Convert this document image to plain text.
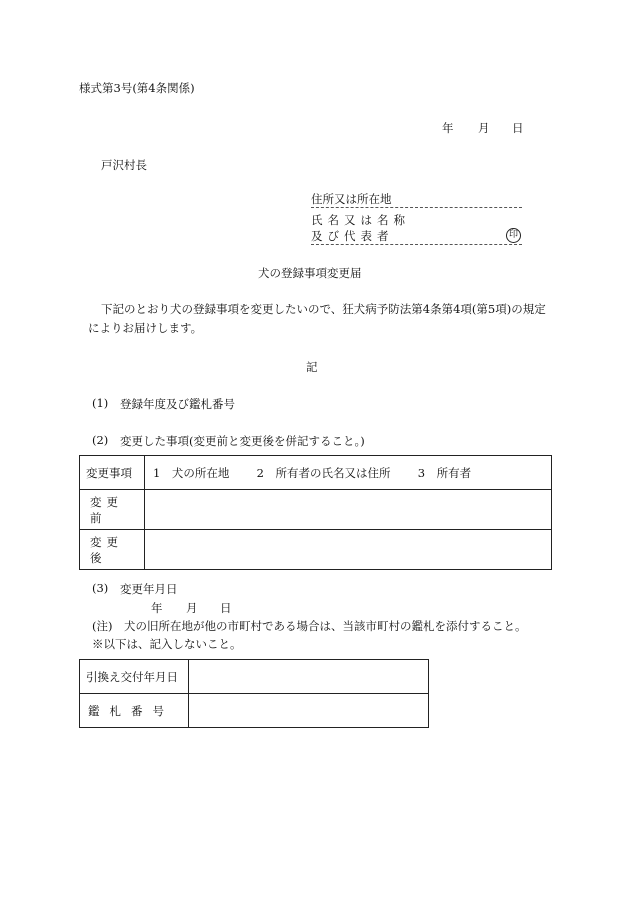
様式第3号(第4条関係)
年 月 日
戸沢村長
住所又は所在地
氏名又は名称
及び代表者	印
犬の登録事項変更届
下記のとおり犬の登録事項を変更したいので、狂犬病予防法第4条第4項(第5項)の規定
によりお届けします。
記
(1) 登録年度及び鑑札番号
(2) 変更した事項(変更前と変更後を併記すること。)
変更事項	1　犬の所在地 2　所有者の氏名又は住所 3　所有者
変更前	
変更後	
(3) 変更年月日
年 月 日
(注)　犬の旧所在地が他の市町村である場合は、当該市町村の鑑札を添付すること。
※以下は、記入しないこと。
引換え交付年月日	
鑑札番号	
